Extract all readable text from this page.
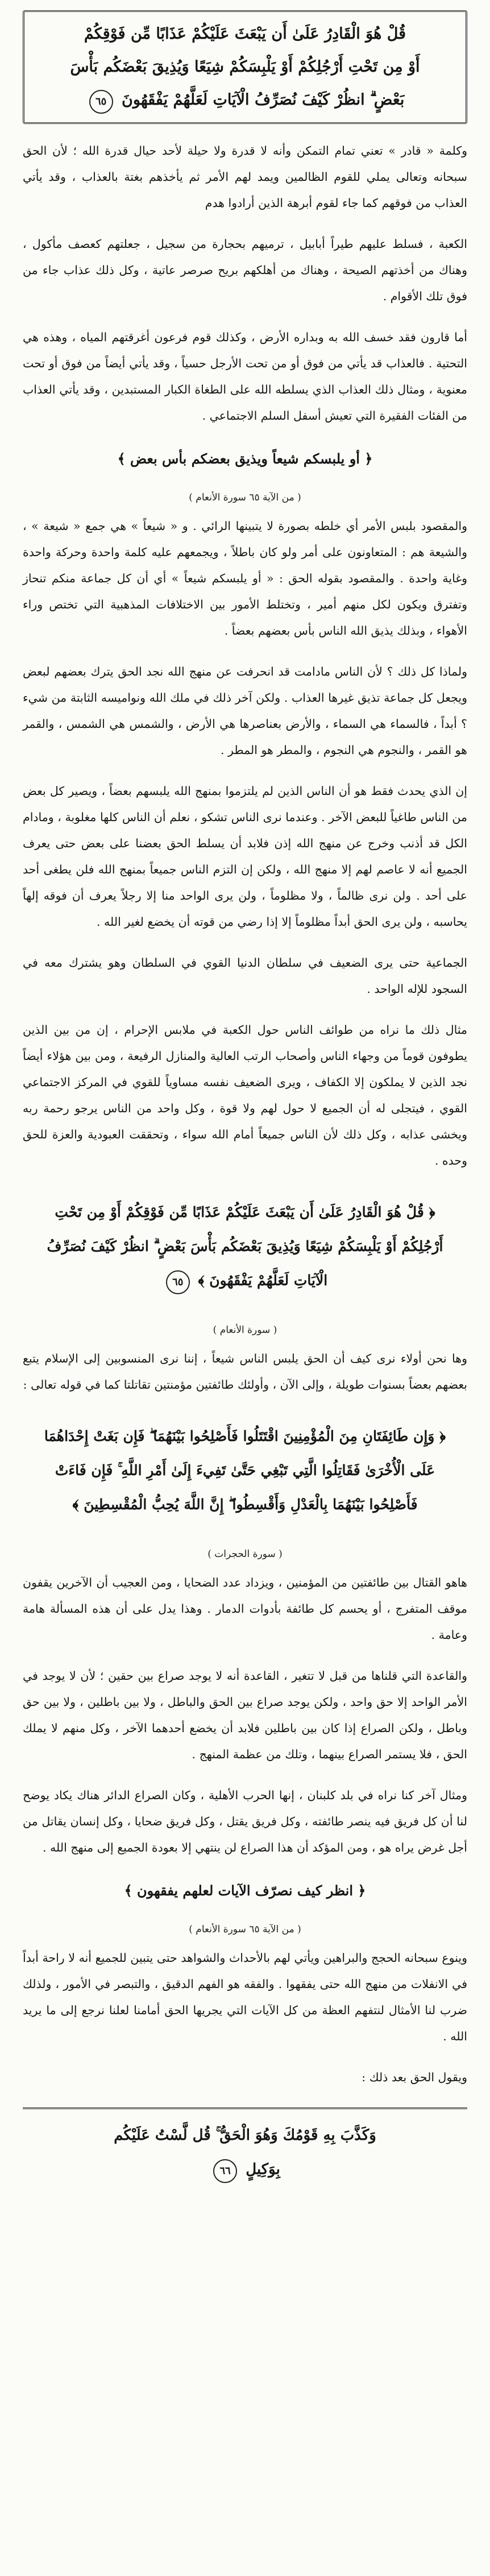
قُلْ هُوَ الْقَادِرُ عَلَىٰ أَن يَبْعَثَ عَلَيْكُمْ عَذَابًا مِّن فَوْقِكُمْ
أَوْ مِن تَحْتِ أَرْجُلِكُمْ أَوْ يَلْبِسَكُمْ شِيَعًا وَيُذِيقَ بَعْضَكُم بَأْسَ
بَعْضٍ ۗ انظُرْ كَيْفَ نُصَرِّفُ الْآيَاتِ لَعَلَّهُمْ يَفْقَهُونَ ٦٥

وكلمة « قادر » تعني تمام التمكن وأنه لا قدرة ولا حيلة لأحد حيال قدرة الله ؛ لأن الحق سبحانه وتعالى يملي للقوم الظالمين ويمد لهم الأمر ثم يأخذهم بغتة بالعذاب ، وقد يأتي العذاب من فوقهم كما جاء لقوم أبرهة الذين أرادوا هدم

الكعبة ، فسلط عليهم طيراً أبابيل ، ترميهم بحجارة من سجيل ، جعلتهم كعصف مأكول ، وهناك من أخذتهم الصيحة ، وهناك من أهلكهم بريح صرصر عاتية ، وكل ذلك عذاب جاء من فوق تلك الأقوام .

أما قارون فقد خسف الله به وبداره الأرض ، وكذلك قوم فرعون أغرقتهم المياه ، وهذه هي التحتية . فالعذاب قد يأتي من فوق أو من تحت الأرجل حسياً ، وقد يأتي أيضاً من فوق أو تحت معنوية ، ومثال ذلك العذاب الذي يسلطه الله على الطغاة الكبار المستبدين ، وقد يأتي العذاب من الفئات الفقيرة التي تعيش أسفل السلم الاجتماعي .

﴿ أو يلبسكم شيعاً ويذيق بعضكم بأس بعض ﴾
( من الآية ٦٥ سورة الأنعام )

والمقصود بلبس الأمر أي خلطه بصورة لا يتبينها الرائي . و « شيعاً » هي جمع « شيعة » ، والشيعة هم : المتعاونون على أمر ولو كان باطلاً ، ويجمعهم عليه كلمة واحدة وحركة واحدة وغاية واحدة . والمقصود بقوله الحق : « أو يلبسكم شيعاً » أي أن كل جماعة منكم تنحاز وتفترق ويكون لكل منهم أمير ، وتختلط الأمور بين الاختلافات المذهبية التي تختص وراء الأهواء ، وبذلك يذيق الله الناس بأس بعضهم بعضاً .

ولماذا كل ذلك ؟ لأن الناس مادامت قد انحرفت عن منهج الله نجد الحق يترك بعضهم لبعض ويجعل كل جماعة تذيق غيرها العذاب . ولكن آخر ذلك في ملك الله ونواميسه الثابتة من شيء ؟ أبداً ، فالسماء هي السماء ، والأرض بعناصرها هي الأرض ، والشمس هي الشمس ، والقمر هو القمر ، والنجوم هي النجوم ، والمطر هو المطر .

إن الذي يحدث فقط هو أن الناس الذين لم يلتزموا بمنهج الله يلبسهم بعضاً ، ويصير كل بعض من الناس طاغياً للبعض الآخر . وعندما نرى الناس تشكو ، نعلم أن الناس كلها مغلوبة ، ومادام الكل قد أذنب وخرج عن منهج الله إذن فلابد أن يسلط الحق بعضنا على بعض حتى يعرف الجميع أنه لا عاصم لهم إلا منهج الله ، ولكن إن التزم الناس جميعاً بمنهج الله فلن يطغى أحد على أحد . ولن نرى ظالماً ، ولا مظلوماً ، ولن يرى الواحد منا إلا رجلاً يعرف أن فوقه إلهاً يحاسبه ، ولن يرى الحق أبداً مظلوماً إلا إذا رضي من قوته أن يخضع لغير الله .

الجماعية حتى يرى الضعيف في سلطان الدنيا القوي في السلطان وهو يشترك معه في السجود للإله الواحد .

مثال ذلك ما نراه من طوائف الناس حول الكعبة في ملابس الإحرام ، إن من بين الذين يطوفون قوماً من وجهاء الناس وأصحاب الرتب العالية والمنازل الرفيعة ، ومن بين هؤلاء أيضاً نجد الذين لا يملكون إلا الكفاف ، ويرى الضعيف نفسه مساوياً للقوي في المركز الاجتماعي القوي ، فيتجلى له أن الجميع لا حول لهم ولا قوة ، وكل واحد من الناس يرجو رحمة ربه ويخشى عذابه ، وكل ذلك لأن الناس جميعاً أمام الله سواء ، وتحققت العبودية والعزة للحق وحده .

﴿ قُلْ هُوَ الْقَادِرُ عَلَىٰ أَن يَبْعَثَ عَلَيْكُمْ عَذَابًا مِّن فَوْقِكُمْ أَوْ مِن تَحْتِ أَرْجُلِكُمْ أَوْ يَلْبِسَكُمْ شِيَعًا وَيُذِيقَ بَعْضَكُم بَأْسَ بَعْضٍ ۗ انظُرْ كَيْفَ نُصَرِّفُ الْآيَاتِ لَعَلَّهُمْ يَفْقَهُونَ ﴾ ٦٥
( سورة الأنعام )

وها نحن أولاء نرى كيف أن الحق يلبس الناس شيعاً ، إننا نرى المنسوبين إلى الإسلام يتبع بعضهم بعضاً بسنوات طويلة ، وإلى الآن ، وأولئك طائفتين مؤمنتين تقاتلتا كما في قوله تعالى :

﴿ وَإِن طَائِفَتَانِ مِنَ الْمُؤْمِنِينَ اقْتَتَلُوا فَأَصْلِحُوا بَيْنَهُمَا ۖ فَإِن بَغَتْ إِحْدَاهُمَا عَلَى الْأُخْرَىٰ فَقَاتِلُوا الَّتِي تَبْغِي حَتَّىٰ تَفِيءَ إِلَىٰ أَمْرِ اللَّهِ ۚ فَإِن فَاءَتْ فَأَصْلِحُوا بَيْنَهُمَا بِالْعَدْلِ وَأَقْسِطُوا ۖ إِنَّ اللَّهَ يُحِبُّ الْمُقْسِطِينَ ﴾
( سورة الحجرات )

هاهو القتال بين طائفتين من المؤمنين ، ويزداد عدد الضحايا ، ومن العجيب أن الآخرين يقفون موقف المتفرج ، أو يحسم كل طائفة بأدوات الدمار . وهذا يدل على أن هذه المسألة هامة وعامة .

والقاعدة التي قلناها من قبل لا تتغير ، القاعدة أنه لا يوجد صراع بين حقين ؛ لأن لا يوجد في الأمر الواحد إلا حق واحد ، ولكن يوجد صراع بين الحق والباطل ، ولا بين باطلين ، ولا بين حق وباطل ، ولكن الصراع إذا كان بين باطلين فلابد أن يخضع أحدهما الآخر ، وكل منهم لا يملك الحق ، فلا يستمر الصراع بينهما ، وتلك من عظمة المنهج .

ومثال آخر كنا نراه في بلد كلبنان ، إنها الحرب الأهلية ، وكان الصراع الدائر هناك يكاد يوضح لنا أن كل فريق فيه ينصر طائفته ، وكل فريق يقتل ، وكل فريق ضحايا ، وكل إنسان يقاتل من أجل غرض يراه هو ، ومن المؤكد أن هذا الصراع لن ينتهي إلا بعودة الجميع إلى منهج الله .

﴿ انظر كيف نصرّف الآيات لعلهم يفقهون ﴾
( من الآية ٦٥ سورة الأنعام )

وينوع سبحانه الحجج والبراهين ويأتي لهم بالأحداث والشواهد حتى يتبين للجميع أنه لا راحة أبداً في الانفلات من منهج الله حتى يفقهوا . والفقه هو الفهم الدقيق ، والتبصر في الأمور ، ولذلك ضرب لنا الأمثال لنتفهم العظة من كل الآيات التي يجريها الحق أمامنا لعلنا نرجع إلى ما يريد الله .

ويقول الحق بعد ذلك :

وَكَذَّبَ بِهِ قَوْمُكَ وَهُوَ الْحَقُّ ۚ قُل لَّسْتُ عَلَيْكُم
بِوَكِيلٍ ٦٦
